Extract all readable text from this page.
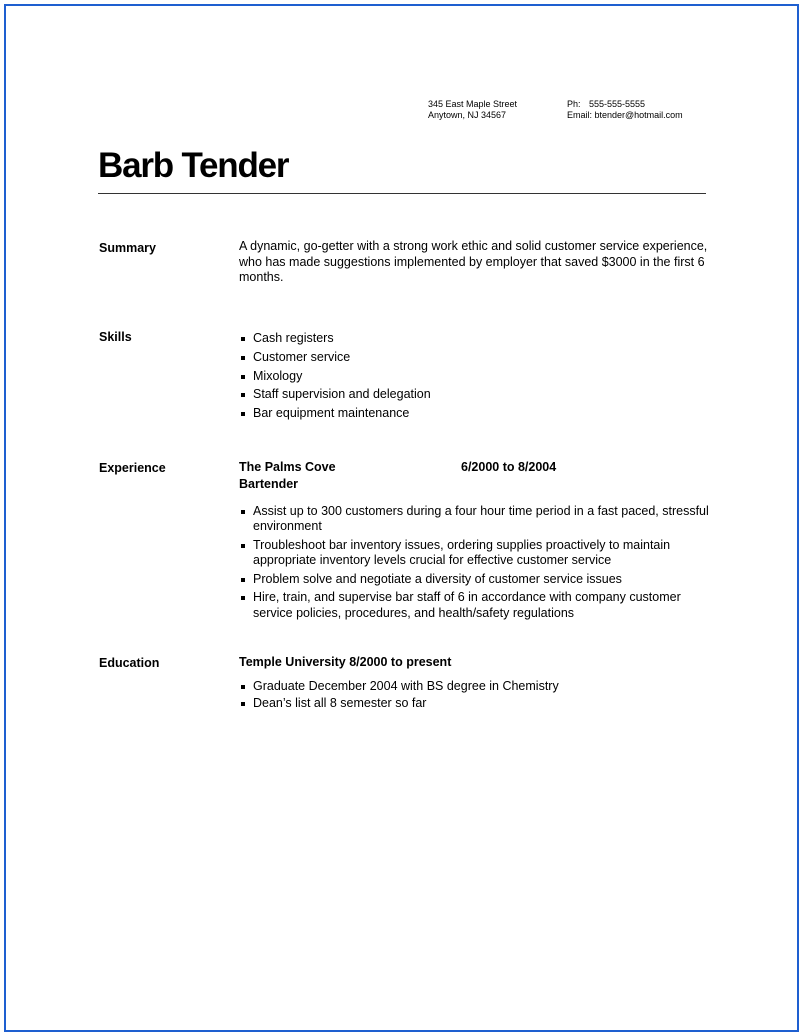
345 East Maple Street
Anytown, NJ 34567
Ph: 555-555-5555
Email: btender@hotmail.com
Barb Tender
Summary	A dynamic, go-getter with a strong work ethic and solid customer service experience, who has made suggestions implemented by employer that saved $3000 in the first 6 months.
Skills	Cash registers
Customer service
Mixology
Staff supervision and delegation
Bar equipment maintenance
Experience	The Palms Cove	6/2000 to 8/2004
Bartender
Assist up to 300 customers during a four hour time period in a fast paced, stressful environment
Troubleshoot bar inventory issues, ordering supplies proactively to maintain appropriate inventory levels crucial for effective customer service
Problem solve and negotiate a diversity of customer service issues
Hire, train, and supervise bar staff of 6 in accordance with company customer service policies, procedures, and health/safety regulations
Education	Temple University 8/2000 to present
Graduate December 2004 with BS degree in Chemistry
Dean’s list all 8 semester so far
